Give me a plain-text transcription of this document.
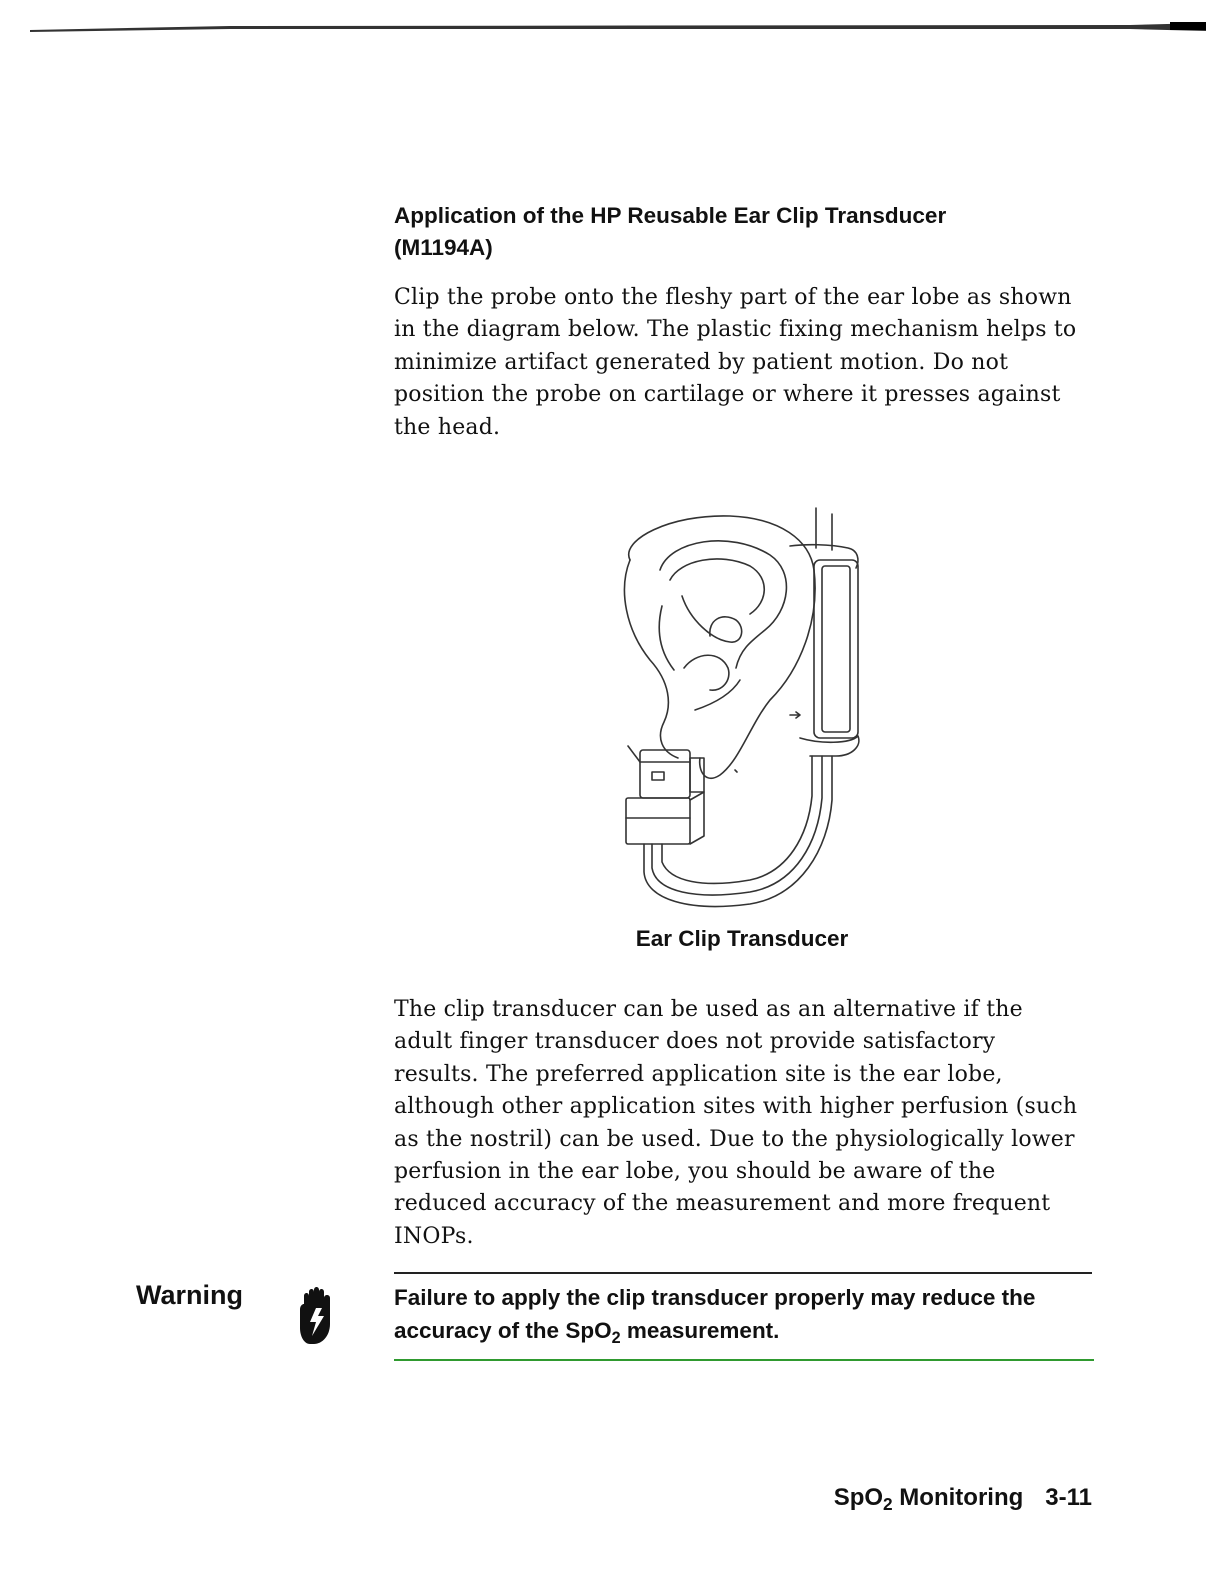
Application of the HP Reusable Ear Clip Transducer
(M1194A)

Clip the probe onto the fleshy part of the ear lobe as shown in the diagram below. The plastic fixing mechanism helps to minimize artifact generated by patient motion. Do not position the probe on cartilage or where it presses against the head.

Ear Clip Transducer

The clip transducer can be used as an alternative if the adult finger transducer does not provide satisfactory results. The preferred application site is the ear lobe, although other application sites with higher perfusion (such as the nostril) can be used. Due to the physiologically lower perfusion in the ear lobe, you should be aware of the reduced accuracy of the measurement and more frequent INOPs.

Warning	Failure to apply the clip transducer properly may reduce the accuracy of the SpO$_2$ measurement.

SpO$_2$ Monitoring 3-11
